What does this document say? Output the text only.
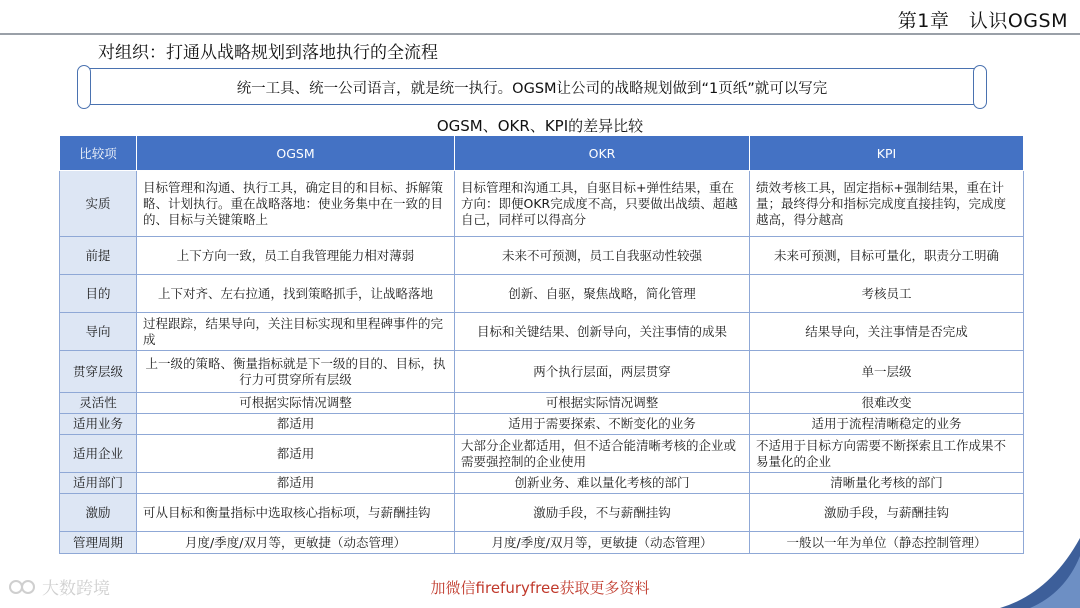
第1章　认识OGSM
对组织：打通从战略规划到落地执行的全流程
统一工具、统一公司语言，就是统一执行。OGSM让公司的战略规划做到“1页纸”就可以写完
OGSM、OKR、KPI的差异比较
比较项	OGSM	OKR	KPI
实质	目标管理和沟通、执行工具，确定目的和目标、拆解策略、计划执行。重在战略落地：使业务集中在一致的目的、目标与关键策略上	目标管理和沟通工具，自驱目标+弹性结果，重在方向：即便OKR完成度不高，只要做出战绩、超越自己，同样可以得高分	绩效考核工具，固定指标+强制结果，重在计量；最终得分和指标完成度直接挂钩，完成度越高，得分越高
前提	上下方向一致，员工自我管理能力相对薄弱	未来不可预测，员工自我驱动性较强	未来可预测，目标可量化，职责分工明确
目的	上下对齐、左右拉通，找到策略抓手，让战略落地	创新、自驱，聚焦战略，简化管理	考核员工
导向	过程跟踪，结果导向，关注目标实现和里程碑事件的完成	目标和关键结果、创新导向，关注事情的成果	结果导向，关注事情是否完成
贯穿层级	上一级的策略、衡量指标就是下一级的目的、目标，执行力可贯穿所有层级	两个执行层面，两层贯穿	单一层级
灵活性	可根据实际情况调整	可根据实际情况调整	很难改变
适用业务	都适用	适用于需要探索、不断变化的业务	适用于流程清晰稳定的业务
适用企业	都适用	大部分企业都适用，但不适合能清晰考核的企业或需要强控制的企业使用	不适用于目标方向需要不断探索且工作成果不易量化的企业
适用部门	都适用	创新业务、难以量化考核的部门	清晰量化考核的部门
激励	可从目标和衡量指标中选取核心指标项，与薪酬挂钩	激励手段，不与薪酬挂钩	激励手段，与薪酬挂钩
管理周期	月度/季度/双月等，更敏捷（动态管理）	月度/季度/双月等，更敏捷（动态管理）	一般以一年为单位（静态控制管理）
大数跨境	加微信firefuryfree获取更多资料
